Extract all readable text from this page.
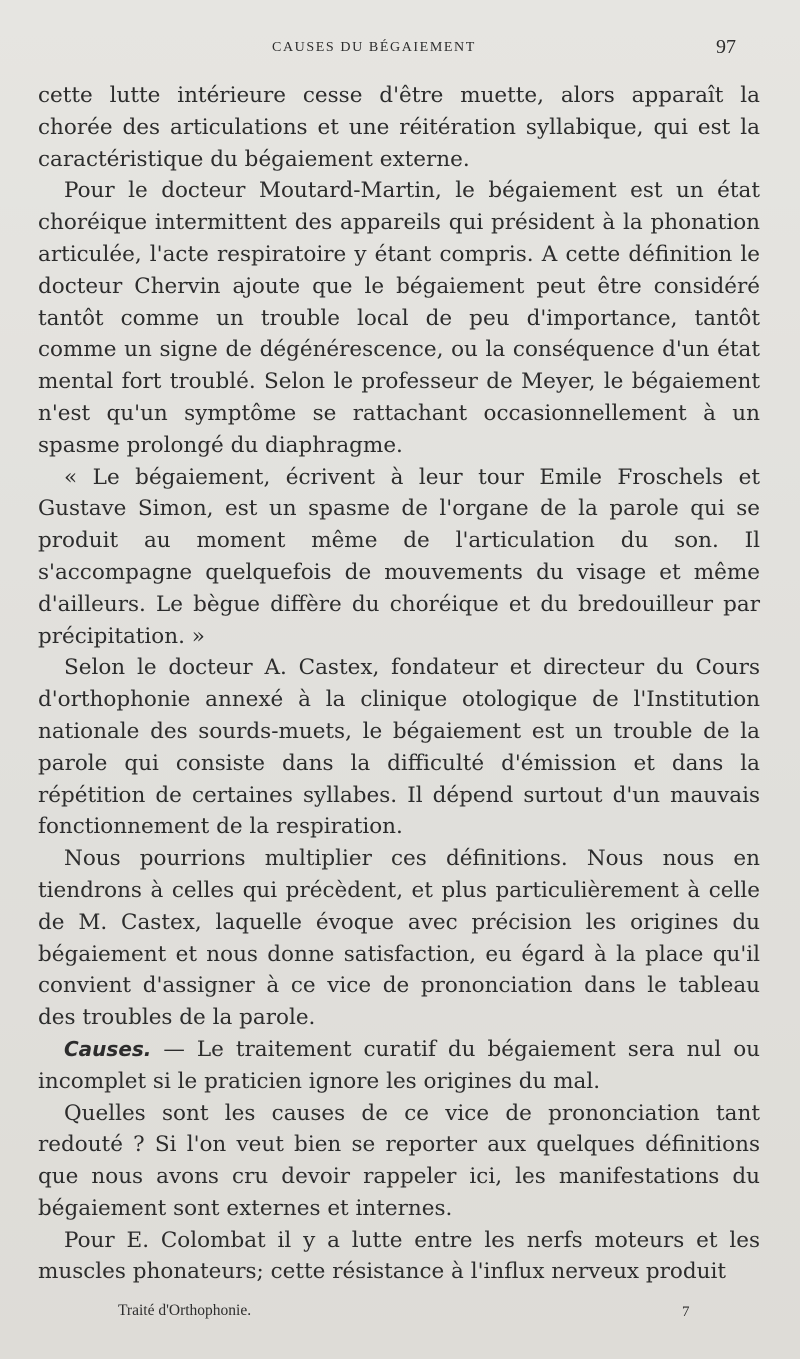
CAUSES DU BÉGAIEMENT	97

cette lutte intérieure cesse d'être muette, alors apparaît la chorée des articulations et une réitération syllabique, qui est la caractéristique du bégaiement externe.

Pour le docteur Moutard-Martin, le bégaiement est un état choréique intermittent des appareils qui président à la phonation articulée, l'acte respiratoire y étant compris. A cette définition le docteur Chervin ajoute que le bégaiement peut être considéré tantôt comme un trouble local de peu d'importance, tantôt comme un signe de dégénérescence, ou la conséquence d'un état mental fort troublé. Selon le professeur de Meyer, le bégaiement n'est qu'un symptôme se rattachant occasionnellement à un spasme prolongé du diaphragme.

« Le bégaiement, écrivent à leur tour Emile Froschels et Gustave Simon, est un spasme de l'organe de la parole qui se produit au moment même de l'articulation du son. Il s'accompagne quelquefois de mouvements du visage et même d'ailleurs. Le bègue diffère du choréique et du bredouilleur par précipitation. »

Selon le docteur A. Castex, fondateur et directeur du Cours d'orthophonie annexé à la clinique otologique de l'Institution nationale des sourds-muets, le bégaiement est un trouble de la parole qui consiste dans la difficulté d'émission et dans la répétition de certaines syllabes. Il dépend surtout d'un mauvais fonctionnement de la respiration.

Nous pourrions multiplier ces définitions. Nous nous en tiendrons à celles qui précèdent, et plus particulièrement à celle de M. Castex, laquelle évoque avec précision les origines du bégaiement et nous donne satisfaction, eu égard à la place qu'il convient d'assigner à ce vice de prononciation dans le tableau des troubles de la parole.

Causes. — Le traitement curatif du bégaiement sera nul ou incomplet si le praticien ignore les origines du mal.

Quelles sont les causes de ce vice de prononciation tant redouté ? Si l'on veut bien se reporter aux quelques définitions que nous avons cru devoir rappeler ici, les manifestations du bégaiement sont externes et internes.

Pour E. Colombat il y a lutte entre les nerfs moteurs et les muscles phonateurs; cette résistance à l'influx nerveux produit

Traité d'Orthophonie.	7
